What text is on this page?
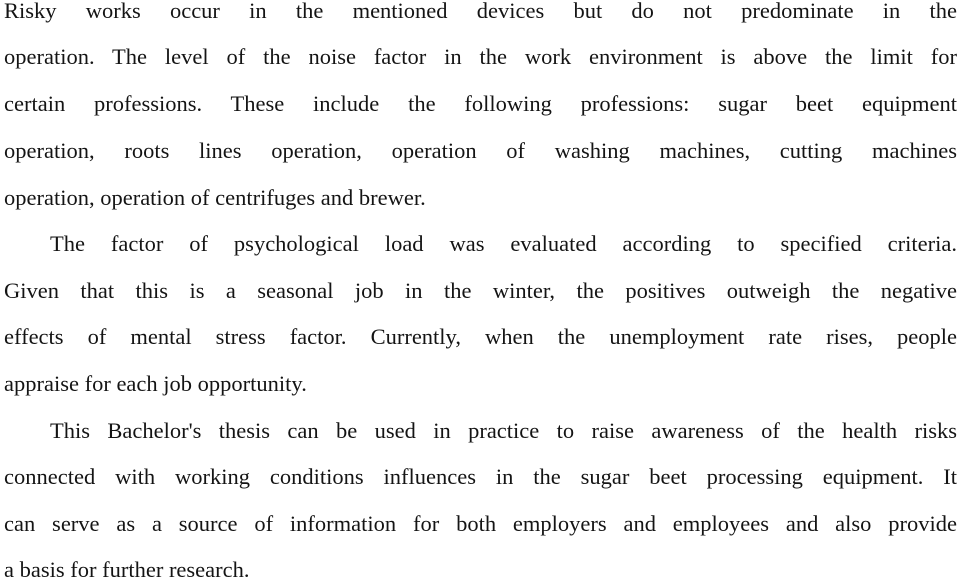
Risky works occur in the mentioned devices but do not predominate in the
operation. The level of the noise factor in the work environment is above the limit for
certain professions. These include the following professions: sugar beet equipment
operation, roots lines operation, operation of washing machines, cutting machines
operation, operation of centrifuges and brewer.
The factor of psychological load was evaluated according to specified criteria.
Given that this is a seasonal job in the winter, the positives outweigh the negative
effects of mental stress factor. Currently, when the unemployment rate rises, people
appraise for each job opportunity.
This Bachelor's thesis can be used in practice to raise awareness of the health risks
connected with working conditions influences in the sugar beet processing equipment. It
can serve as a source of information for both employers and employees and also provide
a basis for further research.
